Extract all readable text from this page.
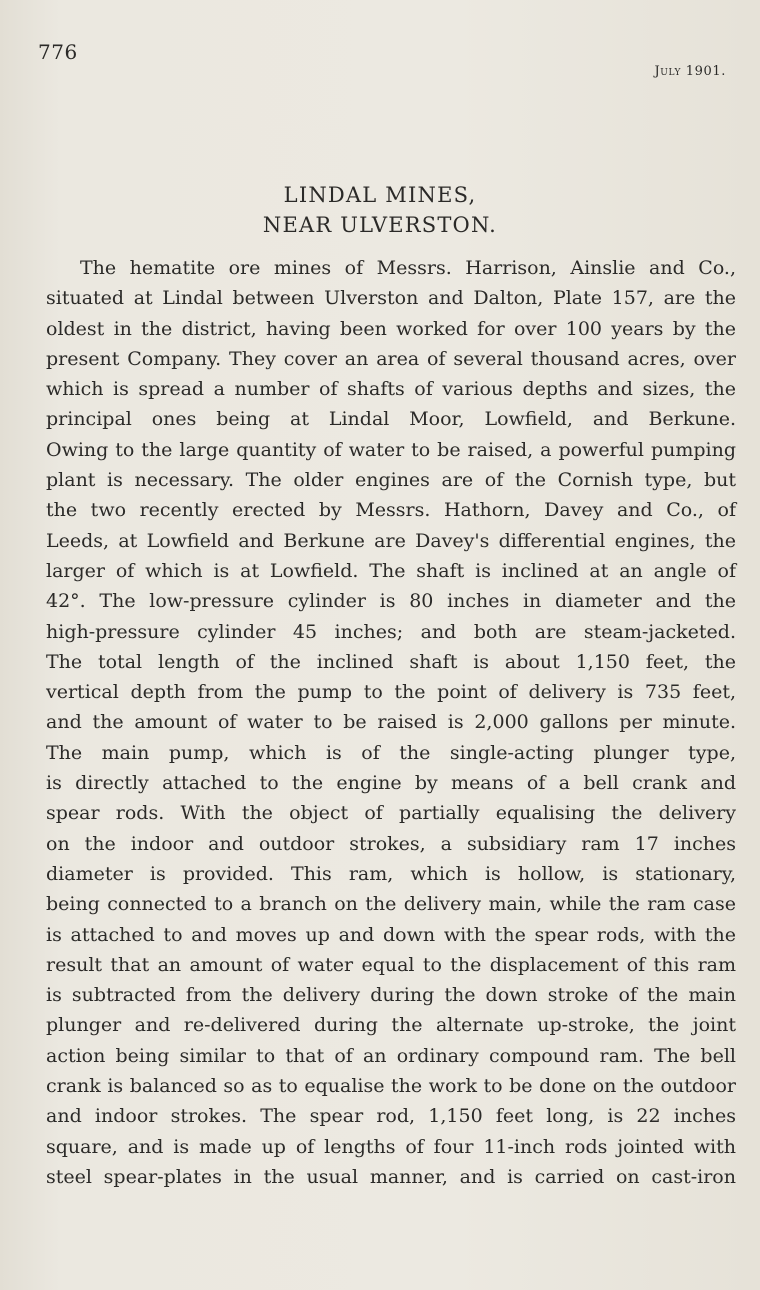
776
July 1901.
LINDAL MINES,
NEAR ULVERSTON.
The hematite ore mines of Messrs. Harrison, Ainslie and Co.,
situated at Lindal between Ulverston and Dalton, Plate 157, are the
oldest in the district, having been worked for over 100 years by the
present Company. They cover an area of several thousand acres, over
which is spread a number of shafts of various depths and sizes, the
principal ones being at Lindal Moor, Lowfield, and Berkune.
Owing to the large quantity of water to be raised, a powerful pumping
plant is necessary. The older engines are of the Cornish type, but
the two recently erected by Messrs. Hathorn, Davey and Co., of
Leeds, at Lowfield and Berkune are Davey's differential engines, the
larger of which is at Lowfield. The shaft is inclined at an angle of
42°. The low-pressure cylinder is 80 inches in diameter and the
high-pressure cylinder 45 inches; and both are steam-jacketed.
The total length of the inclined shaft is about 1,150 feet, the
vertical depth from the pump to the point of delivery is 735 feet,
and the amount of water to be raised is 2,000 gallons per minute.
The main pump, which is of the single-acting plunger type,
is directly attached to the engine by means of a bell crank and
spear rods. With the object of partially equalising the delivery
on the indoor and outdoor strokes, a subsidiary ram 17 inches
diameter is provided. This ram, which is hollow, is stationary,
being connected to a branch on the delivery main, while the ram case
is attached to and moves up and down with the spear rods, with the
result that an amount of water equal to the displacement of this ram
is subtracted from the delivery during the down stroke of the main
plunger and re-delivered during the alternate up-stroke, the joint
action being similar to that of an ordinary compound ram. The bell
crank is balanced so as to equalise the work to be done on the outdoor
and indoor strokes. The spear rod, 1,150 feet long, is 22 inches
square, and is made up of lengths of four 11-inch rods jointed with
steel spear-plates in the usual manner, and is carried on cast-iron
